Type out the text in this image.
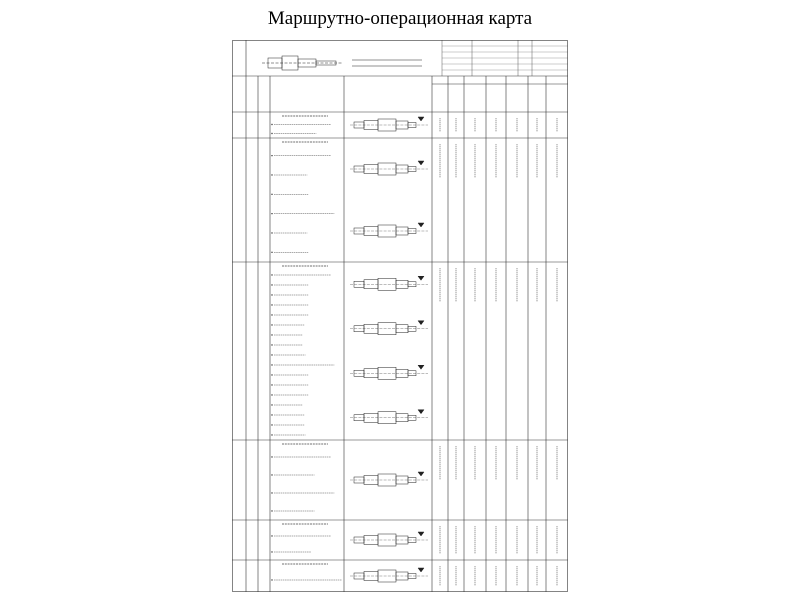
Маршрутно-операционная карта
